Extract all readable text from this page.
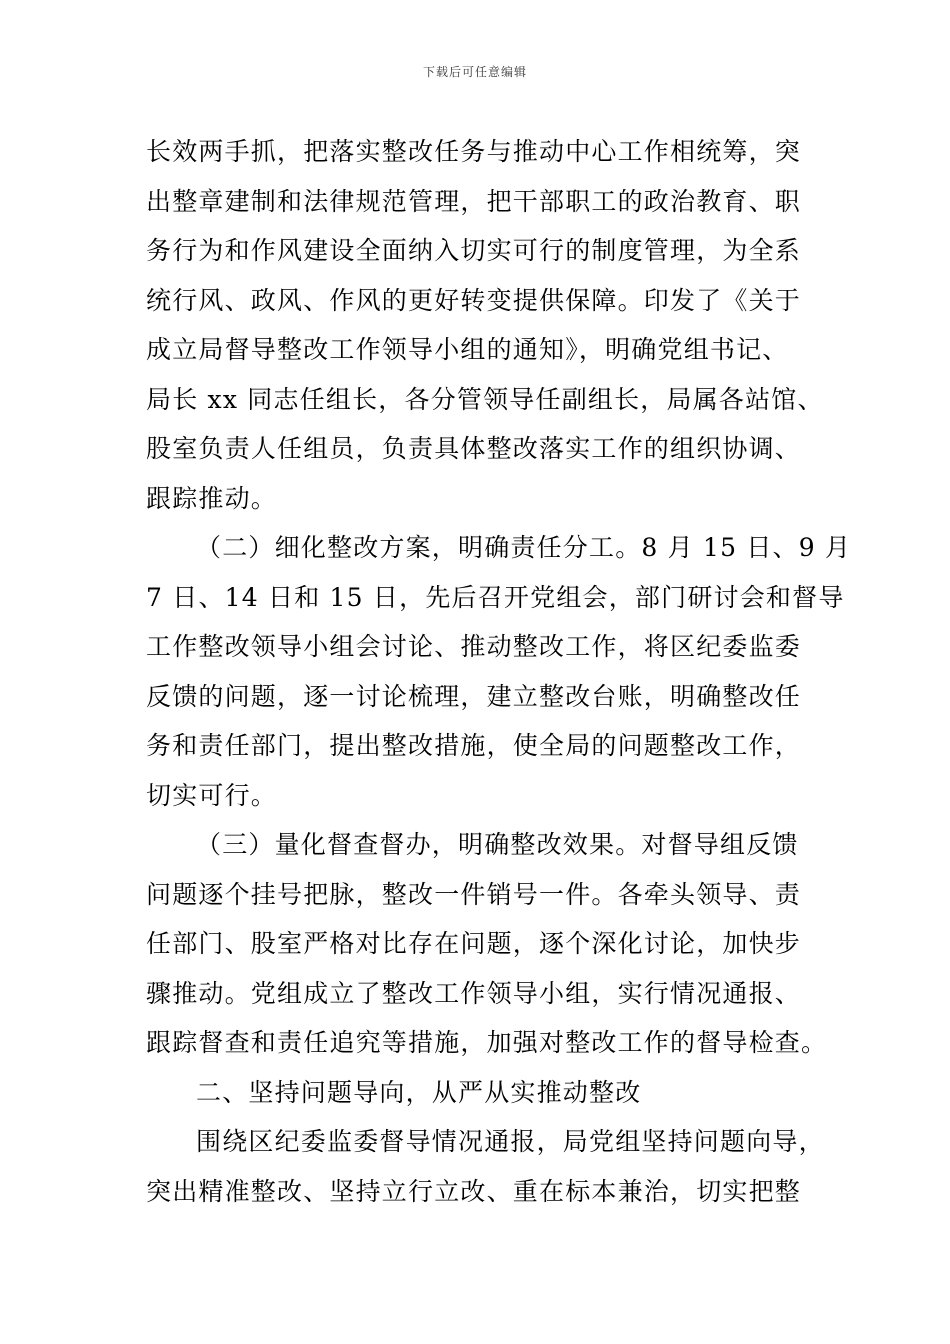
下载后可任意编辑
长效两手抓，把落实整改任务与推动中心工作相统筹，突
出整章建制和法律规范管理，把干部职工的政治教育、职
务行为和作风建设全面纳入切实可行的制度管理，为全系
统行风、政风、作风的更好转变提供保障。印发了《关于
成立局督导整改工作领导小组的通知》，明确党组书记、
局长 xx 同志任组长，各分管领导任副组长，局属各站馆、
股室负责人任组员，负责具体整改落实工作的组织协调、
跟踪推动。
（二）细化整改方案，明确责任分工。8 月 15 日、9 月
7 日、14 日和 15 日，先后召开党组会，部门研讨会和督导
工作整改领导小组会讨论、推动整改工作，将区纪委监委
反馈的问题，逐一讨论梳理，建立整改台账，明确整改任
务和责任部门，提出整改措施，使全局的问题整改工作，
切实可行。
（三）量化督查督办，明确整改效果。对督导组反馈
问题逐个挂号把脉，整改一件销号一件。各牵头领导、责
任部门、股室严格对比存在问题，逐个深化讨论，加快步
骤推动。党组成立了整改工作领导小组，实行情况通报、
跟踪督查和责任追究等措施，加强对整改工作的督导检查。
二、坚持问题导向，从严从实推动整改
围绕区纪委监委督导情况通报，局党组坚持问题向导，
突出精准整改、坚持立行立改、重在标本兼治，切实把整
